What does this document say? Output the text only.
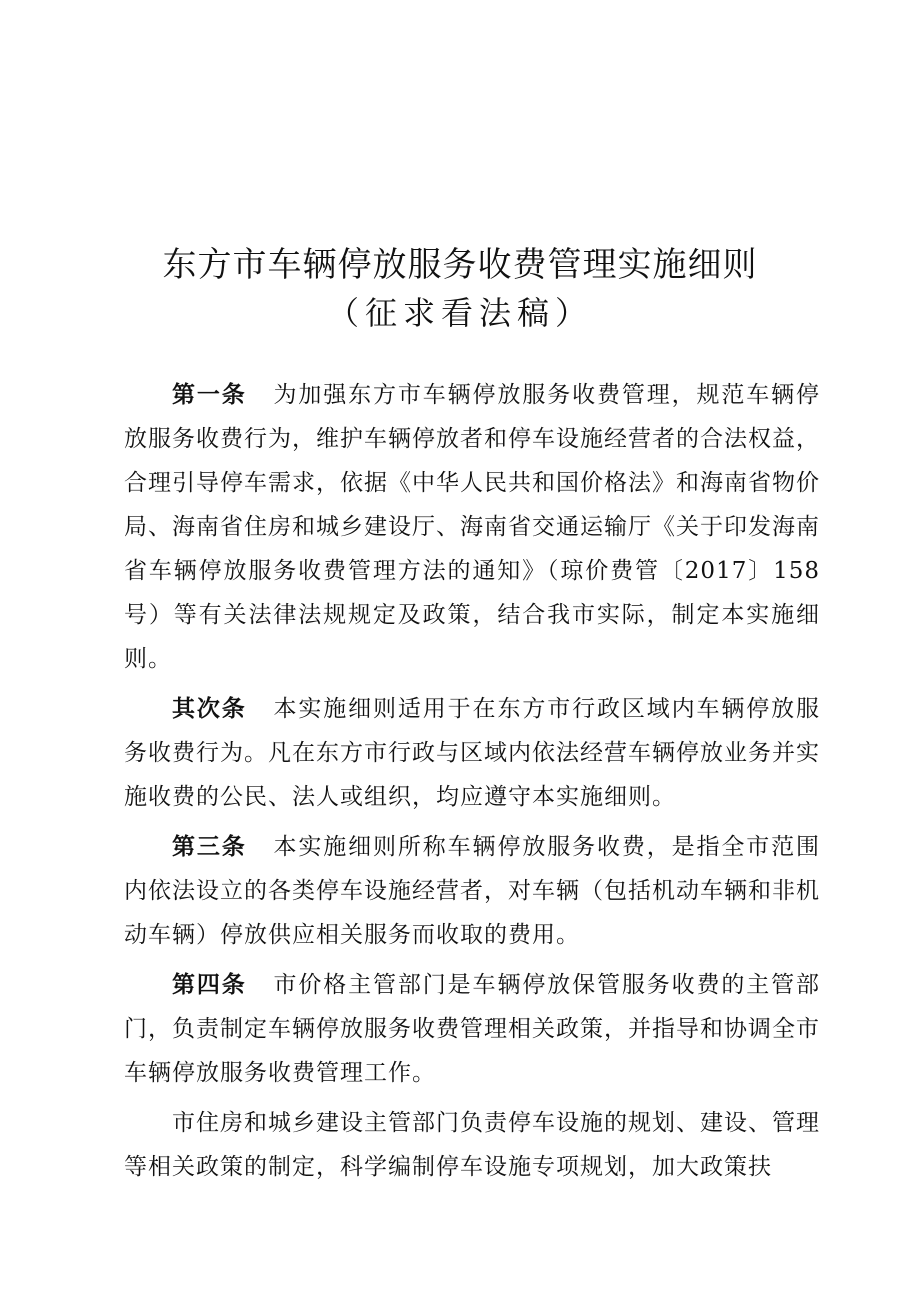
东方市车辆停放服务收费管理实施细则
（征求看法稿）

第一条 为加强东方市车辆停放服务收费管理，规范车辆停放服务收费行为，维护车辆停放者和停车设施经营者的合法权益，合理引导停车需求，依据《中华人民共和国价格法》和海南省物价局、海南省住房和城乡建设厅、海南省交通运输厅《关于印发海南省车辆停放服务收费管理方法的通知》（琼价费管〔2017〕158号）等有关法律法规规定及政策，结合我市实际，制定本实施细则。

其次条 本实施细则适用于在东方市行政区域内车辆停放服务收费行为。凡在东方市行政与区域内依法经营车辆停放业务并实施收费的公民、法人或组织，均应遵守本实施细则。

第三条 本实施细则所称车辆停放服务收费，是指全市范围内依法设立的各类停车设施经营者，对车辆（包括机动车辆和非机动车辆）停放供应相关服务而收取的费用。

第四条 市价格主管部门是车辆停放保管服务收费的主管部门，负责制定车辆停放服务收费管理相关政策，并指导和协调全市车辆停放服务收费管理工作。

市住房和城乡建设主管部门负责停车设施的规划、建设、管理等相关政策的制定，科学编制停车设施专项规划，加大政策扶
